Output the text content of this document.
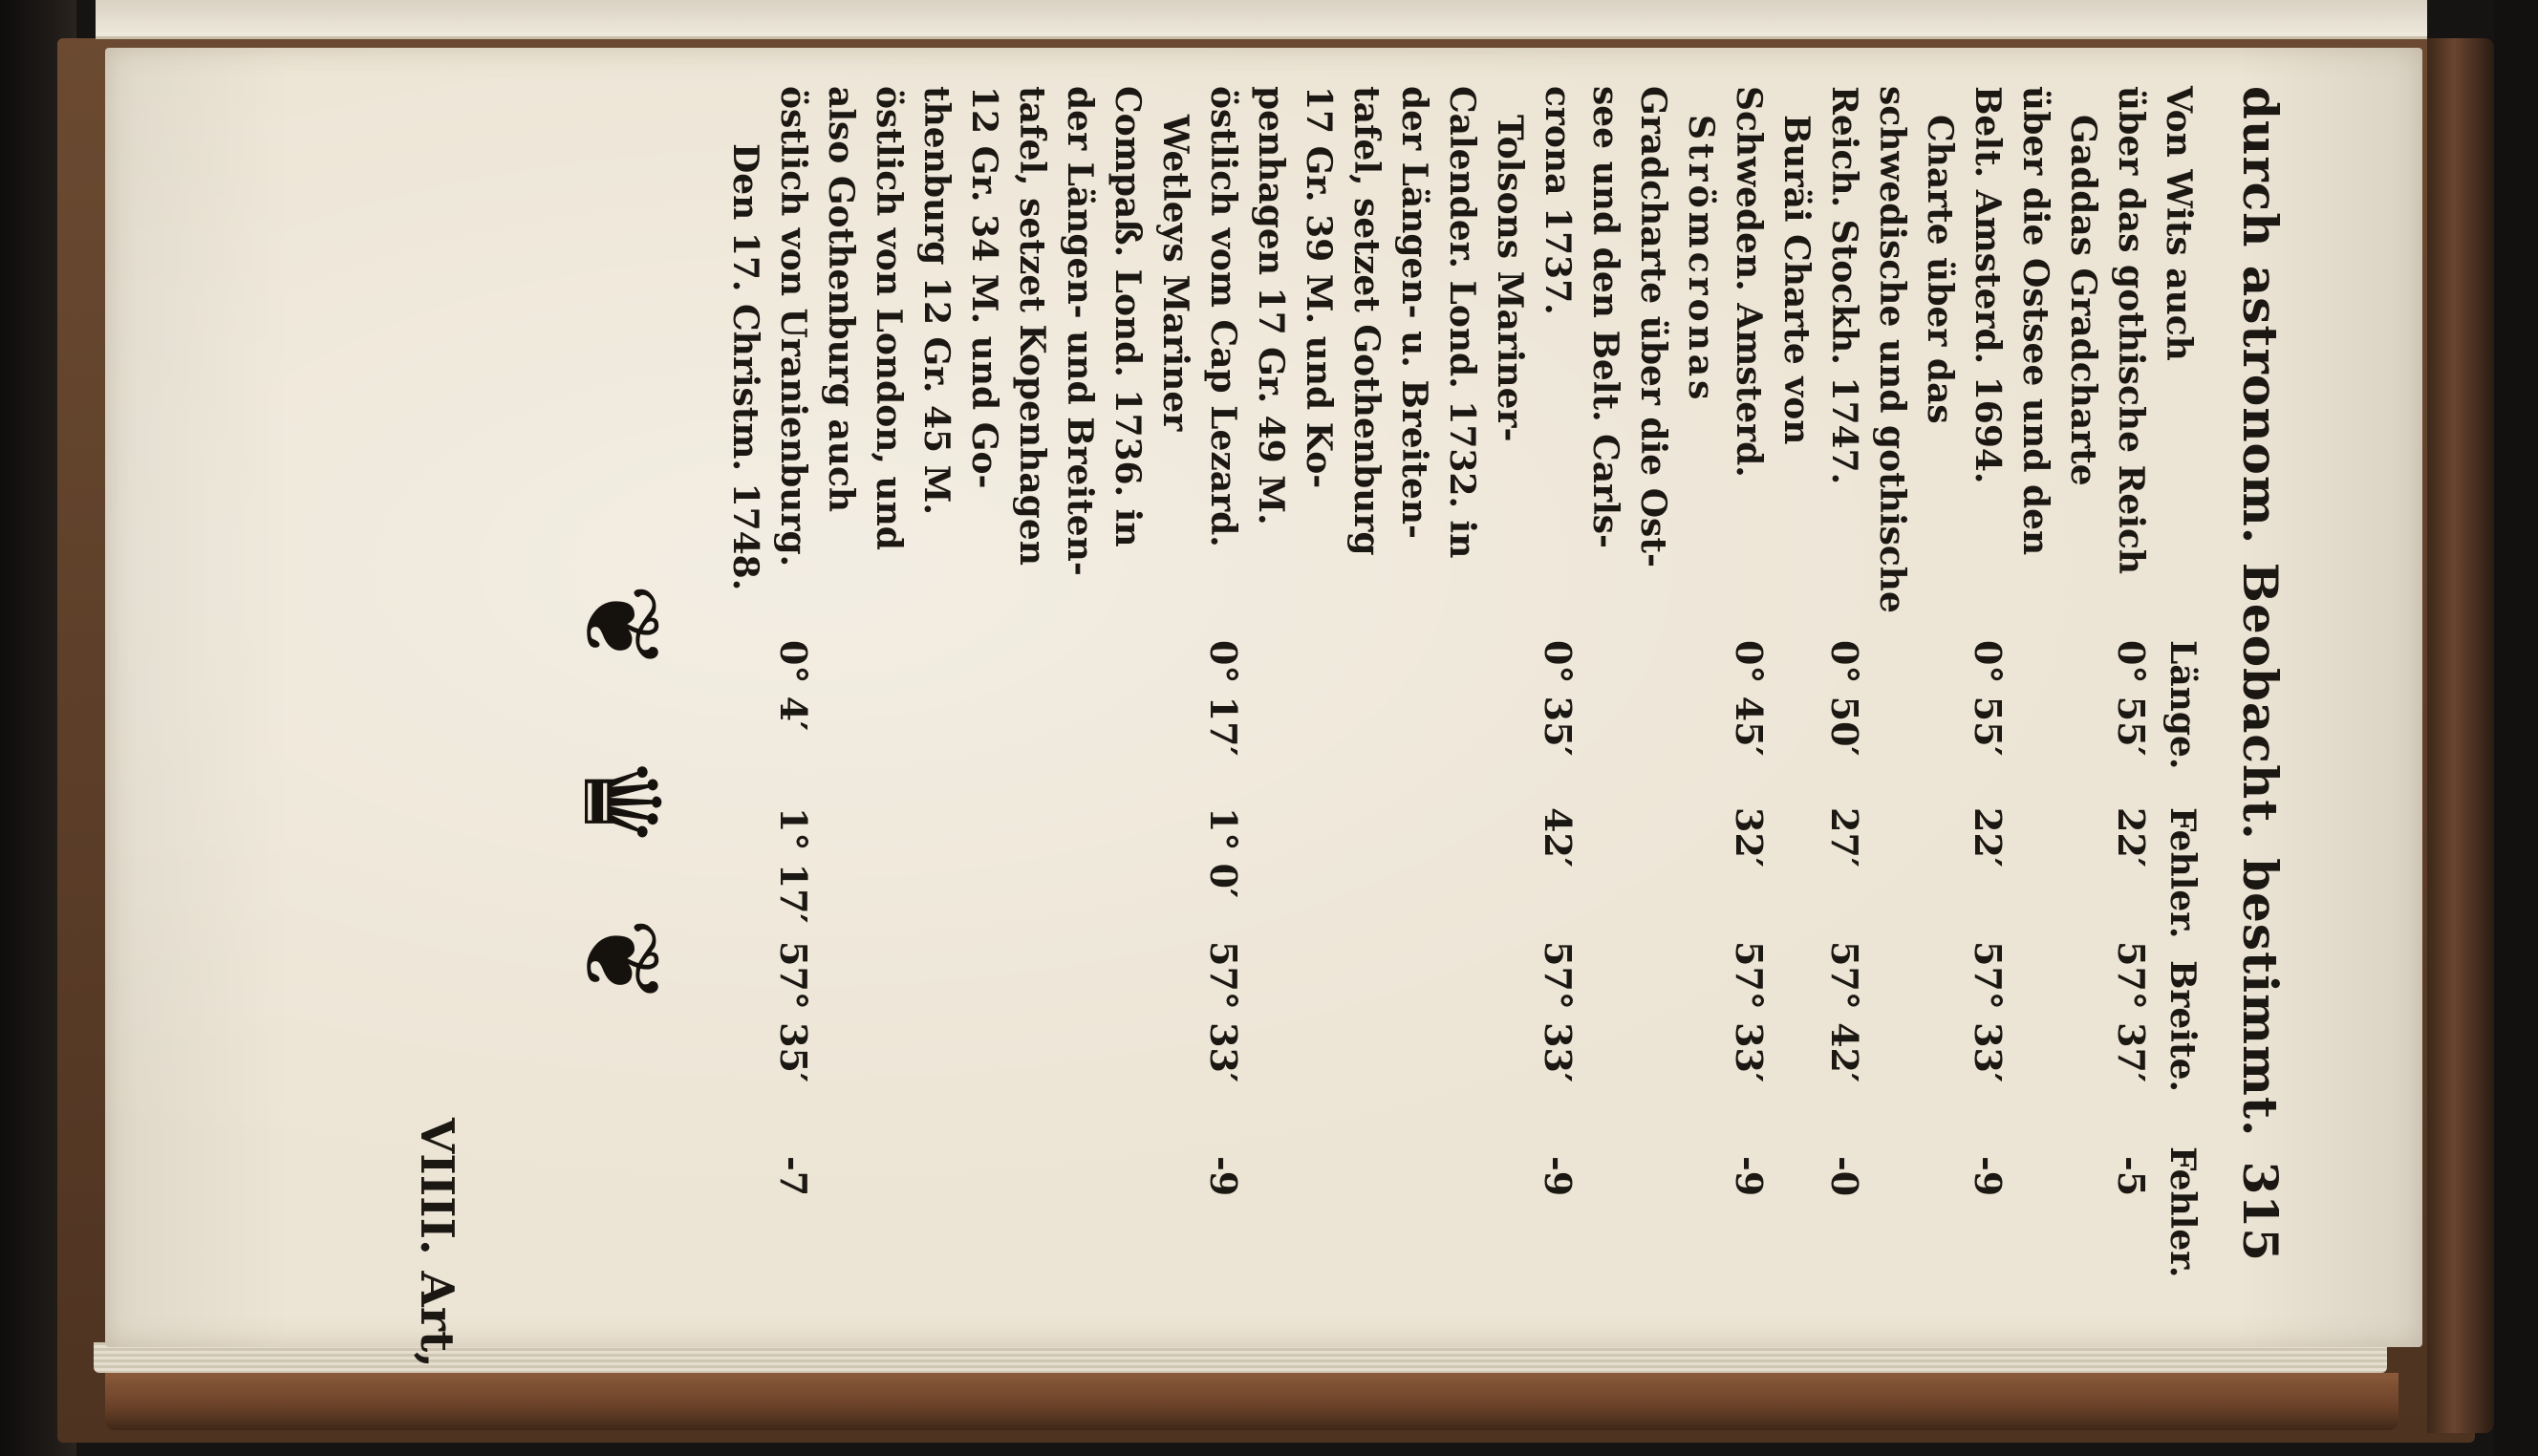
durch astronom. Beobacht. bestimmt.
315
Länge.
Fehler.
Breite.
Fehler.
Von Wits auch
über das gothische Reich
0° 55′
22′
57° 37′
-5
Gaddas Gradcharte
über die Ostsee und den
Belt. Amsterd. 1694.
0° 55′
22′
57° 33′
-9
Charte über das
schwedische und gothische
Reich. Stockh. 1747.
0° 50′
27′
57° 42′
-0
Buräi Charte von
Schweden. Amsterd.
0° 45′
32′
57° 33′
-9
Strömcronas
Gradcharte über die Ost-
see und den Belt. Carls-
crona 1737.
0° 35′
42′
57° 33′
-9
Tolsons Mariner-
Calender. Lond. 1732. in
der Längen- u. Breiten-
tafel, setzet Gothenburg
17 Gr. 39 M. und Ko-
penhagen 17 Gr. 49 M.
östlich vom Cap Lezard.
0° 17′
1° 0′
57° 33′
-9
Wetleys Mariner
Compaß. Lond. 1736. in
der Längen- und Breiten-
tafel, setzet Kopenhagen
12 Gr. 34 M. und Go-
thenburg 12 Gr. 45 M.
östlich von London, und
also Gothenburg auch
östlich von Uranienburg.
0° 4′
1° 17′
57° 35′
-7
Den 17. Christm. 1748.
❦
♛
❦
VIIII. Art,
